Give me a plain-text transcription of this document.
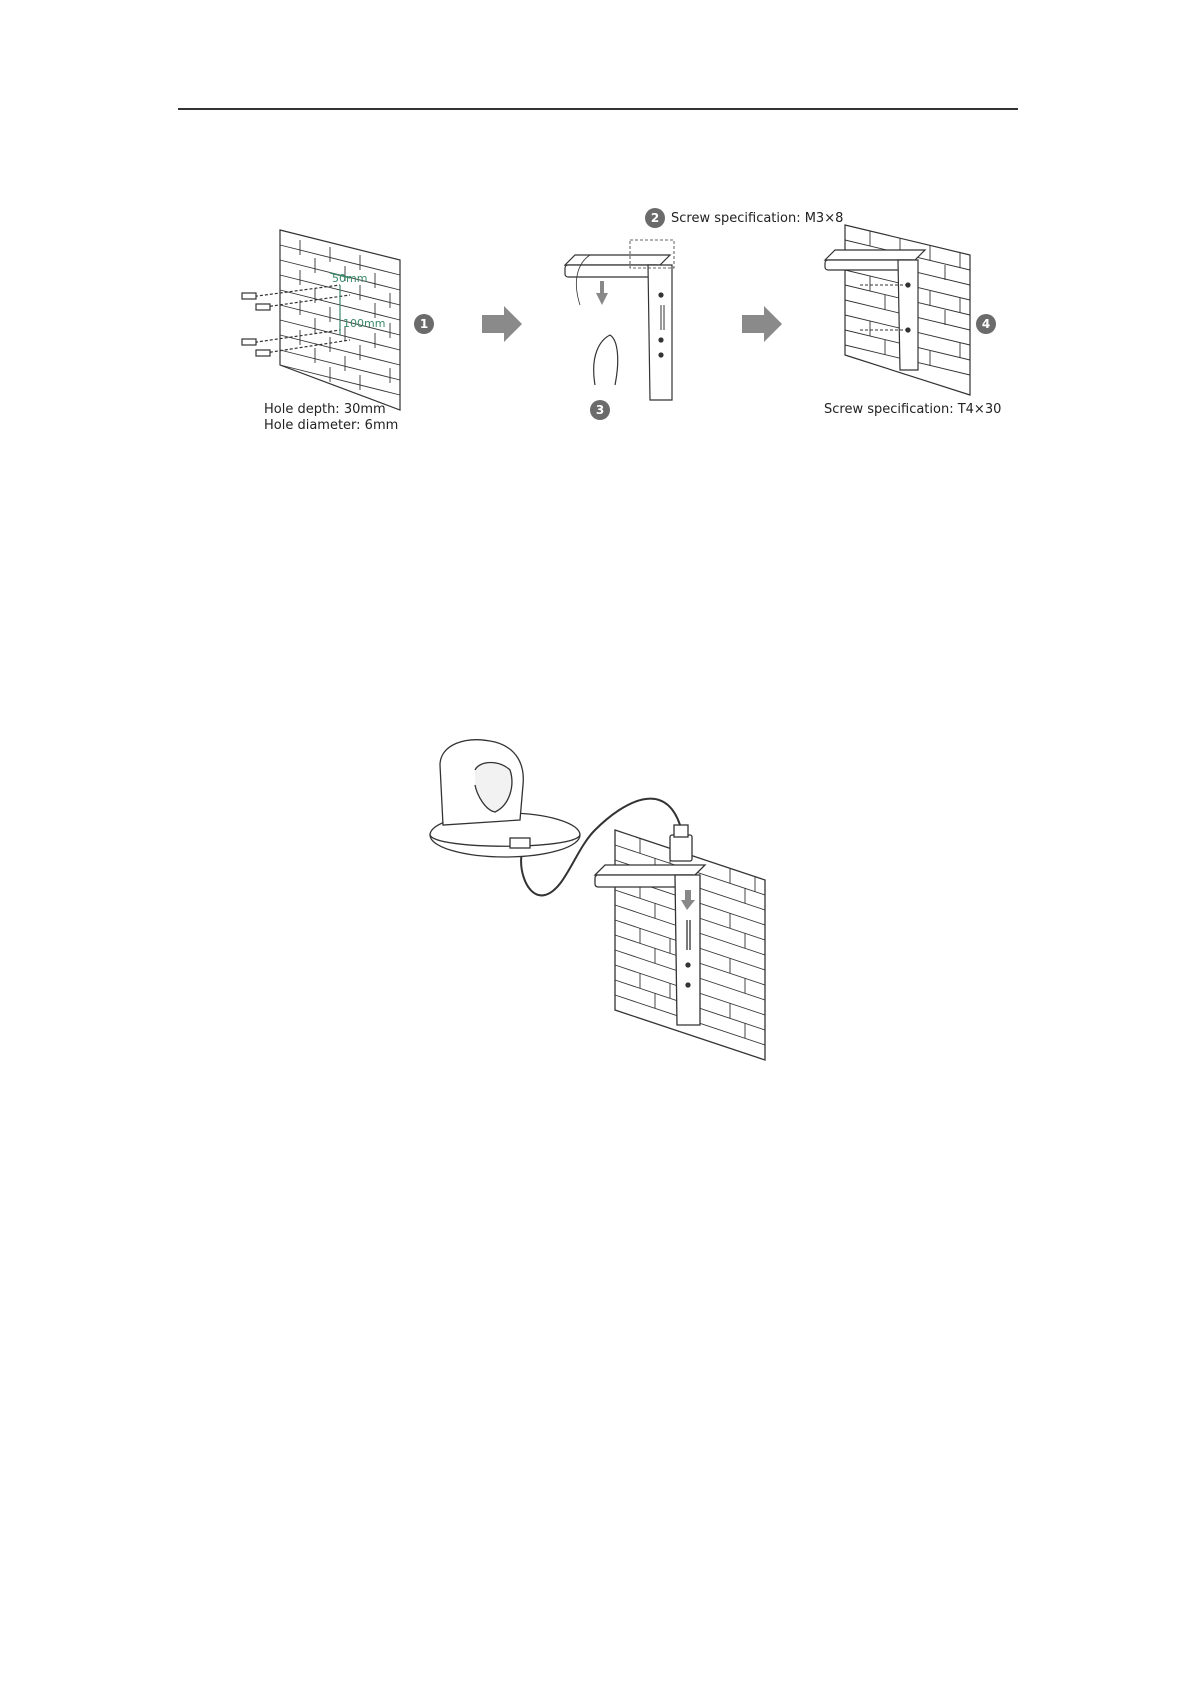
50mm
100mm	1
Hole depth: 30mm
Hole diameter: 6mm
2 Screw specification: M3×8
3
4
Screw specification: T4×30
